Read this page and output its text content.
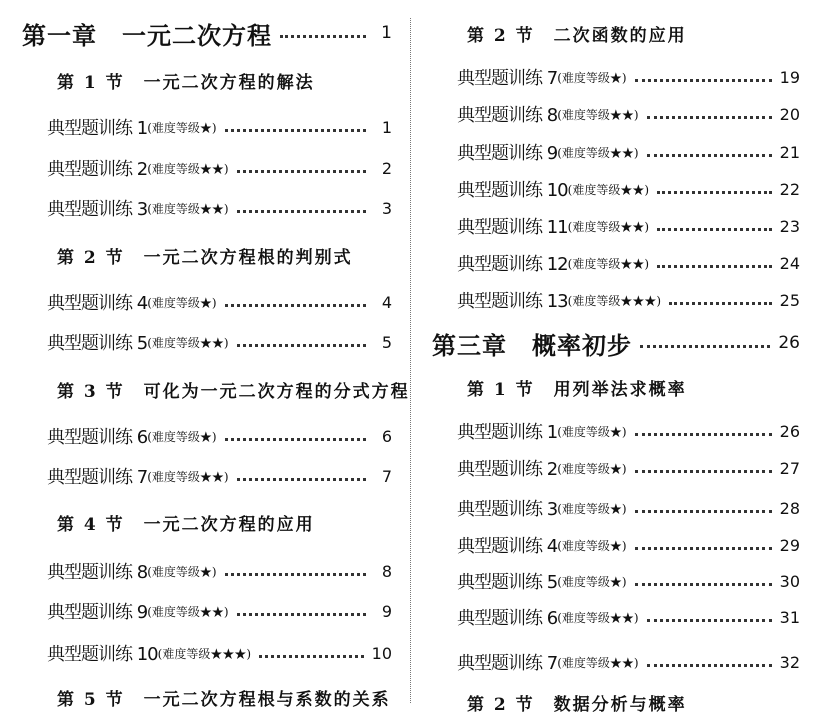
第一章　一元二次方程	1
第 1 节　一元二次方程的解法
典型题训练 1 (难度等级★)	1
典型题训练 2 (难度等级★★)	2
典型题训练 3 (难度等级★★)	3
第 2 节　一元二次方程根的判别式
典型题训练 4 (难度等级★)	4
典型题训练 5 (难度等级★★)	5
第 3 节　可化为一元二次方程的分式方程
典型题训练 6 (难度等级★)	6
典型题训练 7 (难度等级★★)	7
第 4 节　一元二次方程的应用
典型题训练 8 (难度等级★)	8
典型题训练 9 (难度等级★★)	9
典型题训练 10 (难度等级★★★)	10
第 5 节　一元二次方程根与系数的关系
第 2 节　二次函数的应用
典型题训练 7 (难度等级★)	19
典型题训练 8 (难度等级★★)	20
典型题训练 9 (难度等级★★)	21
典型题训练 10 (难度等级★★)	22
典型题训练 11 (难度等级★★)	23
典型题训练 12 (难度等级★★)	24
典型题训练 13 (难度等级★★★)	25
第三章　概率初步	26
第 1 节　用列举法求概率
典型题训练 1 (难度等级★)	26
典型题训练 2 (难度等级★)	27
典型题训练 3 (难度等级★)	28
典型题训练 4 (难度等级★)	29
典型题训练 5 (难度等级★)	30
典型题训练 6 (难度等级★★)	31
典型题训练 7 (难度等级★★)	32
第 2 节　数据分析与概率
